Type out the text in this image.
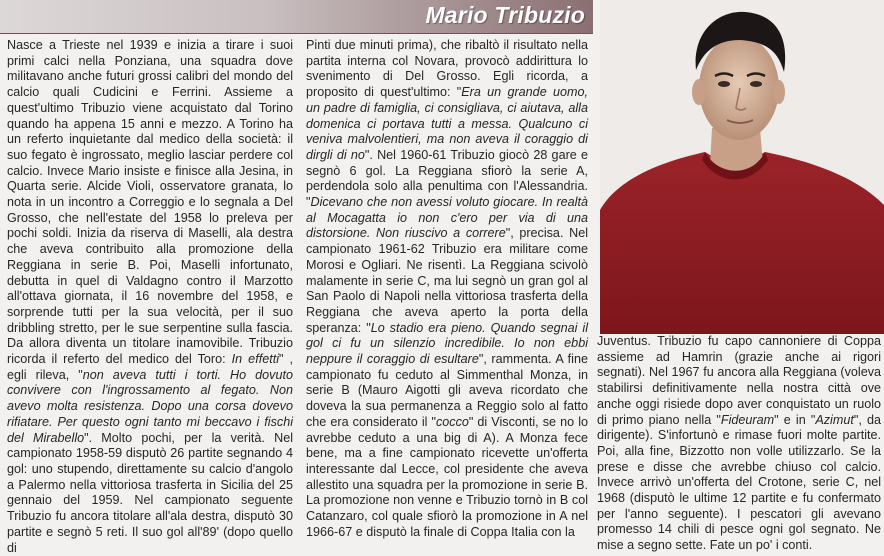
Mario Tribuzio

Nasce a Trieste nel 1939 e inizia a tirare i suoi primi calci nella Ponziana, una squadra dove militavano anche futuri grossi calibri del mondo del calcio quali Cudicini e Ferrini. Assieme a quest'ultimo Tribuzio viene acquistato dal Torino quando ha appena 15 anni e mezzo. A Torino ha un referto inquietante dal medico della società: il suo fegato è ingrossato, meglio lasciar perdere col calcio. Invece Mario insiste e finisce alla Jesina, in Quarta serie. Alcide Violi, osservatore granata, lo nota in un incontro a Correggio e lo segnala a Del Grosso, che nell'estate del 1958 lo preleva per pochi soldi. Inizia da riserva di Maselli, ala destra che aveva contribuito alla promozione della Reggiana in serie B. Poi, Maselli infortunato, debutta in quel di Valdagno contro il Marzotto all'ottava giornata, il 16 novembre del 1958, e sorprende tutti per la sua velocità, per il suo dribbling stretto, per le sue serpentine sulla fascia. Da allora diventa un titolare inamovibile. Tribuzio ricorda il referto del medico del Toro: In effetti" , egli rileva, "non aveva tutti i torti. Ho dovuto convivere con l'ingrossamento al fegato. Non avevo molta resistenza. Dopo una corsa dovevo rifiatare. Per questo ogni tanto mi beccavo i fischi del Mirabello". Molto pochi, per la verità. Nel campionato 1958-59 disputò 26 partite segnando 4 gol: uno stupendo, direttamente su calcio d'angolo a Palermo nella vittoriosa trasferta in Sicilia del 25 gennaio del 1959. Nel campionato seguente Tribuzio fu ancora titolare all'ala destra, disputò 30 partite e segnò 5 reti. Il suo gol all'89' (dopo quello di

Pinti due minuti prima), che ribaltò il risultato nella partita interna col Novara, provocò addirittura lo svenimento di Del Grosso. Egli ricorda, a proposito di quest'ultimo: "Era un grande uomo, un padre di famiglia, ci consigliava, ci aiutava, alla domenica ci portava tutti a messa. Qualcuno ci veniva malvolentieri, ma non aveva il coraggio di dirgli di no". Nel 1960-61 Tribuzio giocò 28 gare e segnò 6 gol. La Reggiana sfiorò la serie A, perdendola solo alla penultima con l'Alessandria. "Dicevano che non avessi voluto giocare. In realtà al Mocagatta io non c'ero per via di una distorsione. Non riuscivo a correre", precisa. Nel campionato 1961-62 Tribuzio era militare come Morosi e Ogliari. Ne risentì. La Reggiana scivolò malamente in serie C, ma lui segnò un gran gol al San Paolo di Napoli nella vittoriosa trasferta della Reggiana che aveva aperto la porta della speranza: "Lo stadio era pieno. Quando segnai il gol ci fu un silenzio incredibile. Io non ebbi neppure il coraggio di esultare", rammenta. A fine campionato fu ceduto al Simmenthal Monza, in serie B (Mauro Aigotti gli aveva ricordato che doveva la sua permanenza a Reggio solo al fatto che era considerato il "cocco" di Visconti, se no lo avrebbe ceduto a una big di A). A Monza fece bene, ma a fine campionato ricevette un'offerta interessante dal Lecce, col presidente che aveva allestito una squadra per la promozione in serie B. La promozione non venne e Tribuzio tornò in B col Catanzaro, col quale sfiorò la promozione in A nel 1966-67 e disputò la finale di Coppa Italia con la

Juventus. Tribuzio fu capo cannoniere di Coppa assieme ad Hamrin (grazie anche ai rigori segnati). Nel 1967 fu ancora alla Reggiana (voleva stabilirsi definitivamente nella nostra città ove anche oggi risiede dopo aver conquistato un ruolo di primo piano nella "Fideuram" e in "Azimut", da dirigente). S'infortunò e rimase fuori molte partite. Poi, alla fine, Bizzotto non volle utilizzarlo. Se la prese e disse che avrebbe chiuso col calcio. Invece arrivò un'offerta del Crotone, serie C, nel 1968 (disputò le ultime 12 partite e fu confermato per l'anno seguente). I pescatori gli avevano promesso 14 chili di pesce ogni gol segnato. Ne mise a segno sette. Fate un po' i conti.
